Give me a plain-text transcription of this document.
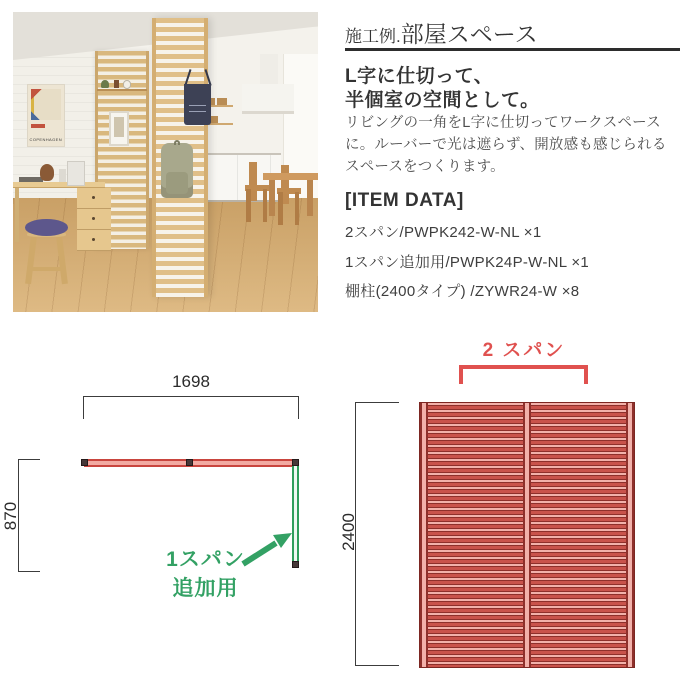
COPENHAGEN
施工例.部屋スペース
L字に仕切って、
半個室の空間として。
リビングの一角をL字に仕切ってワークスペースに。ルーバーで光は遮らず、開放感も感じられるスペースをつくります。
[ITEM DATA]
2スパン/PWPK242-W-NL ×1
1スパン追加用/PWPK24P-W-NL ×1
棚柱(2400タイプ) /ZYWR24-W ×8
1698
870
1スパン
追加用
2 スパン
2400
